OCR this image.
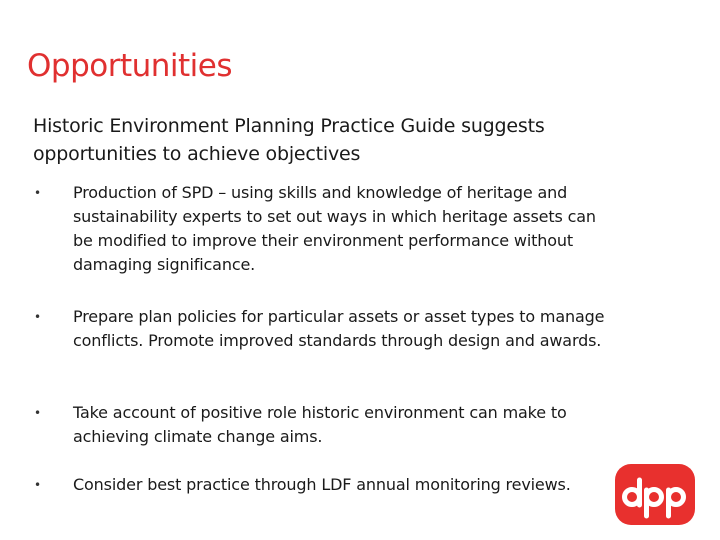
Opportunities
Historic Environment Planning Practice Guide suggests opportunities to achieve objectives
• Production of SPD – using skills and knowledge of heritage and sustainability experts to set out ways in which heritage assets can be modified to improve their environment performance without damaging significance.
• Prepare plan policies for particular assets or asset types to manage conflicts. Promote improved standards through design and awards.
• Take account of positive role historic environment can make to achieving climate change aims.
• Consider best practice through LDF annual monitoring reviews.
